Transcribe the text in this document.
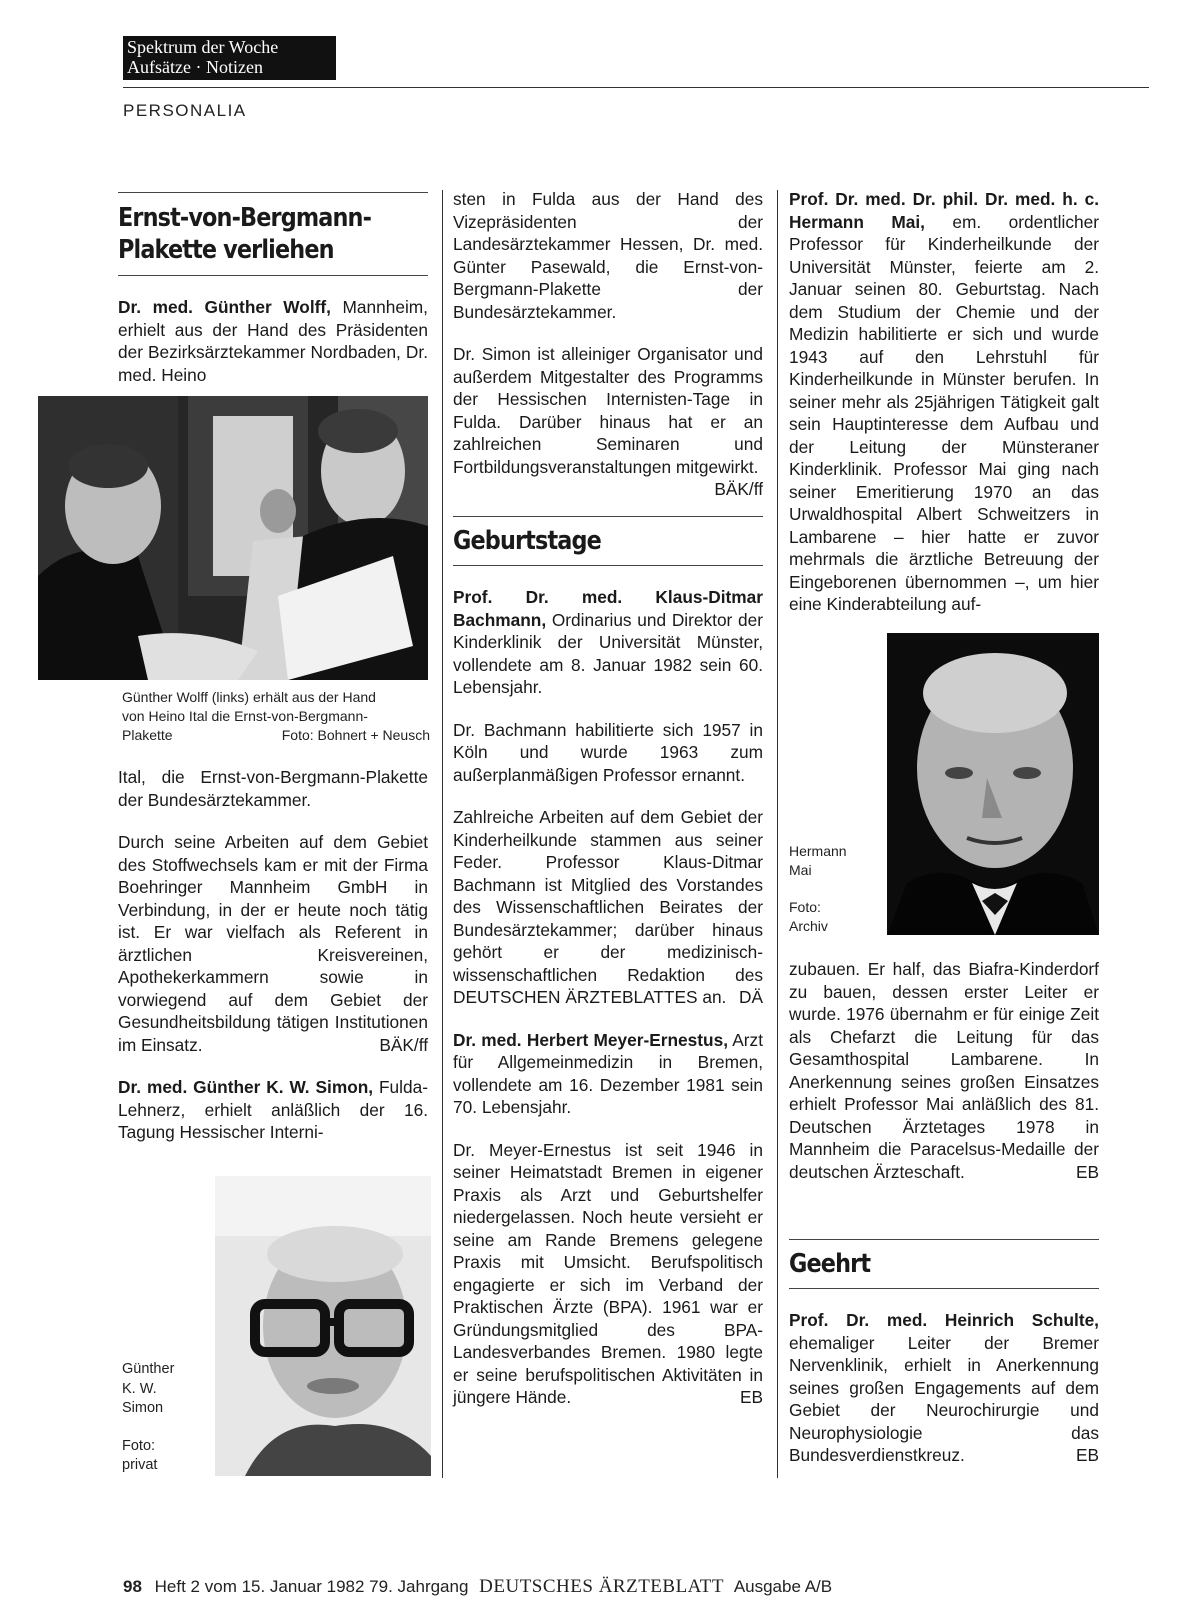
Spektrum der Woche
Aufsätze · Notizen
PERSONALIA
Ernst-von-Bergmann-
Plakette verliehen

Dr. med. Günther Wolff, Mannheim, erhielt aus der Hand des Präsidenten der Bezirksärztekammer Nordbaden, Dr. med. Heino

Günther Wolff (links) erhält aus der Hand
von Heino Ital die Ernst-von-Bergmann-
Plakette	Foto: Bohnert + Neusch

Ital, die Ernst-von-Bergmann-Plakette der Bundesärztekammer.

Durch seine Arbeiten auf dem Gebiet des Stoffwechsels kam er mit der Firma Boehringer Mannheim GmbH in Verbindung, in der er heute noch tätig ist. Er war vielfach als Referent in ärztlichen Kreisvereinen, Apothekerkammern sowie in vorwiegend auf dem Gebiet der Gesundheitsbildung tätigen Institutionen im Einsatz.	BÄK/ff

Dr. med. Günther K. W. Simon, Fulda-Lehnerz, erhielt anläßlich der 16. Tagung Hessischer Interni-

Günther
K. W.
Simon
Foto:
privat

sten in Fulda aus der Hand des Vizepräsidenten der Landesärztekammer Hessen, Dr. med. Günter Pasewald, die Ernst-von-Bergmann-Plakette der Bundesärztekammer.

Dr. Simon ist alleiniger Organisator und außerdem Mitgestalter des Programms der Hessischen Internisten-Tage in Fulda. Darüber hinaus hat er an zahlreichen Seminaren und Fortbildungsveranstaltungen mitgewirkt.
BÄK/ff

Geburtstage

Prof. Dr. med. Klaus-Ditmar Bachmann, Ordinarius und Direktor der Kinderklinik der Universität Münster, vollendete am 8. Januar 1982 sein 60. Lebensjahr.

Dr. Bachmann habilitierte sich 1957 in Köln und wurde 1963 zum außerplanmäßigen Professor ernannt.

Zahlreiche Arbeiten auf dem Gebiet der Kinderheilkunde stammen aus seiner Feder. Professor Klaus-Ditmar Bachmann ist Mitglied des Vorstandes des Wissenschaftlichen Beirates der Bundesärztekammer; darüber hinaus gehört er der medizinisch-wissenschaftlichen Redaktion des DEUTSCHEN ÄRZTEBLATTES an. DÄ

Dr. med. Herbert Meyer-Ernestus, Arzt für Allgemeinmedizin in Bremen, vollendete am 16. Dezember 1981 sein 70. Lebensjahr.

Dr. Meyer-Ernestus ist seit 1946 in seiner Heimatstadt Bremen in eigener Praxis als Arzt und Geburtshelfer niedergelassen. Noch heute versieht er seine am Rande Bremens gelegene Praxis mit Umsicht. Berufspolitisch engagierte er sich im Verband der Praktischen Ärzte (BPA). 1961 war er Gründungsmitglied des BPA-Landesverbandes Bremen. 1980 legte er seine berufspolitischen Aktivitäten in jüngere Hände.	EB

Prof. Dr. med. Dr. phil. Dr. med. h. c. Hermann Mai, em. ordentlicher Professor für Kinderheilkunde der Universität Münster, feierte am 2. Januar seinen 80. Geburtstag. Nach dem Studium der Chemie und der Medizin habilitierte er sich und wurde 1943 auf den Lehrstuhl für Kinderheilkunde in Münster berufen. In seiner mehr als 25jährigen Tätigkeit galt sein Hauptinteresse dem Aufbau und der Leitung der Münsteraner Kinderklinik. Professor Mai ging nach seiner Emeritierung 1970 an das Urwaldhospital Albert Schweitzers in Lambarene – hier hatte er zuvor mehrmals die ärztliche Betreuung der Eingeborenen übernommen –, um hier eine Kinderabteilung auf-

Hermann
Mai
Foto:
Archiv

zubauen. Er half, das Biafra-Kinderdorf zu bauen, dessen erster Leiter er wurde. 1976 übernahm er für einige Zeit als Chefarzt die Leitung für das Gesamthospital Lambarene. In Anerkennung seines großen Einsatzes erhielt Professor Mai anläßlich des 81. Deutschen Ärztetages 1978 in Mannheim die Paracelsus-Medaille der deutschen Ärzteschaft.	EB

Geehrt

Prof. Dr. med. Heinrich Schulte, ehemaliger Leiter der Bremer Nervenklinik, erhielt in Anerkennung seines großen Engagements auf dem Gebiet der Neurochirurgie und Neurophysiologie das Bundesverdienstkreuz.	EB

98 Heft 2 vom 15. Januar 1982 79. Jahrgang DEUTSCHES ÄRZTEBLATT Ausgabe A/B
